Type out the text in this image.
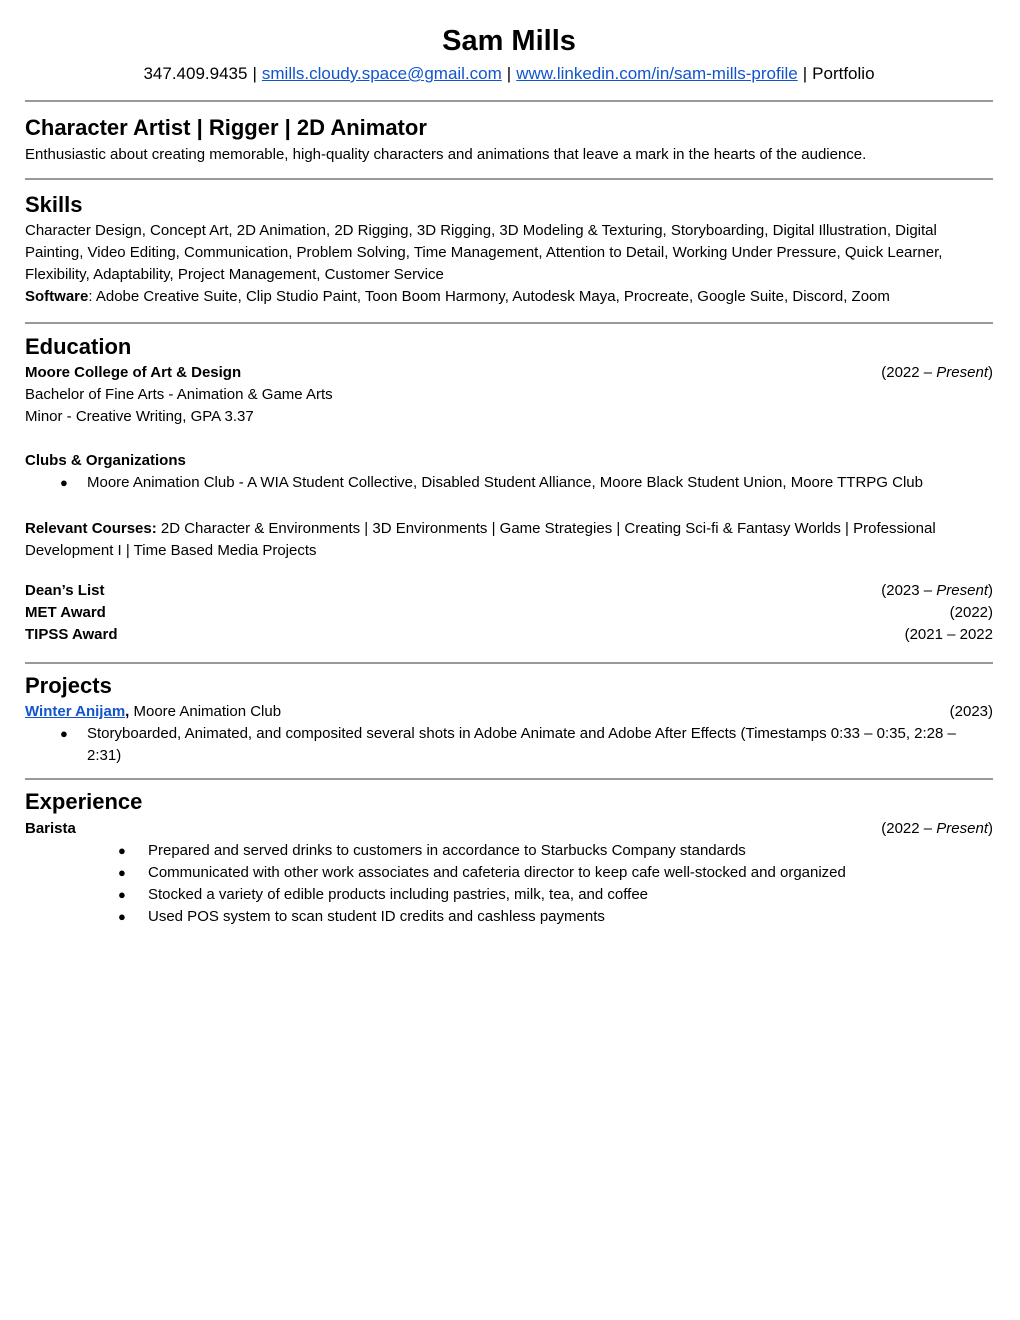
Sam Mills
347.409.9435 | smills.cloudy.space@gmail.com | www.linkedin.com/in/sam-mills-profile | Portfolio
Character Artist | Rigger | 2D Animator

Enthusiastic about creating memorable, high-quality characters and animations that leave a mark in the hearts of the audience.

Skills

Character Design, Concept Art, 2D Animation, 2D Rigging, 3D Rigging, 3D Modeling & Texturing, Storyboarding, Digital Illustration, Digital Painting, Video Editing, Communication, Problem Solving, Time Management, Attention to Detail, Working Under Pressure, Quick Learner, Flexibility, Adaptability, Project Management, Customer Service
Software: Adobe Creative Suite, Clip Studio Paint, Toon Boom Harmony, Autodesk Maya, Procreate, Google Suite, Discord, Zoom

Education
Moore College of Art & Design	(2022 – Present)

Bachelor of Fine Arts - Animation & Game Arts

Minor - Creative Writing, GPA 3.37

Clubs & Organizations

●	Moore Animation Club - A WIA Student Collective, Disabled Student Alliance, Moore Black Student Union, Moore TTRPG Club

Relevant Courses: 2D Character & Environments | 3D Environments | Game Strategies | Creating Sci-fi & Fantasy Worlds | Professional Development I | Time Based Media Projects

Dean’s List	(2023 – Present)
MET Award	(2022)
TIPSS Award	(2021 – 2022
Projects
Winter Anijam, Moore Animation Club	(2023)
●	Storyboarded, Animated, and composited several shots in Adobe Animate and Adobe After Effects (Timestamps 0:33 – 0:35, 2:28 – 2:31)
Experience
Barista	(2022 – Present)
●	Prepared and served drinks to customers in accordance to Starbucks Company standards
●	Communicated with other work associates and cafeteria director to keep cafe well-stocked and organized
●	Stocked a variety of edible products including pastries, milk, tea, and coffee
●	Used POS system to scan student ID credits and cashless payments
